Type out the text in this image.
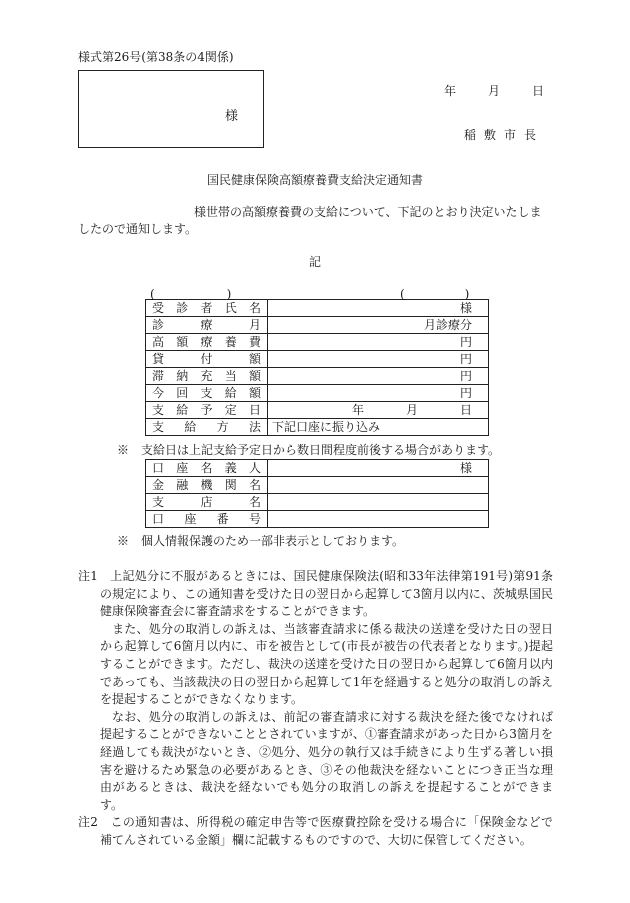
様式第26号(第38条の4関係)
様
年	月	日
稲敷市長
国民健康保険高額療養費支給決定通知書
様世帯の高額療養費の支給について、下記のとおり決定いたしましたので通知します。
記
(　　　　　　)	(　　　　　)
受診者氏名	様
診療月	月診療分
高額療養費	円
貸付額	円
滞納充当額	円
今回支給額	円
支給予定日	年 月 日
支給方法	下記口座に振り込み
※　支給日は上記支給予定日から数日間程度前後する場合があります。
口座名義人	様
金融機関名	
支店名	
口座番号	
※　個人情報保護のため一部非表示としております。

注1　上記処分に不服があるときには、国民健康保険法(昭和33年法律第191号)第91条の規定により、この通知書を受けた日の翌日から起算して3箇月以内に、茨城県国民健康保険審査会に審査請求をすることができます。

また、処分の取消しの訴えは、当該審査請求に係る裁決の送達を受けた日の翌日から起算して6箇月以内に、市を被告として(市長が被告の代表者となります。)提起することができます。ただし、裁決の送達を受けた日の翌日から起算して6箇月以内であっても、当該裁決の日の翌日から起算して1年を経過すると処分の取消しの訴えを提起することができなくなります。

なお、処分の取消しの訴えは、前記の審査請求に対する裁決を経た後でなければ提起することができないこととされていますが、①審査請求があった日から3箇月を経過しても裁決がないとき、②処分、処分の執行又は手続きにより生ずる著しい損害を避けるため緊急の必要があるとき、③その他裁決を経ないことにつき正当な理由があるときは、裁決を経ないでも処分の取消しの訴えを提起することができます。

注2　この通知書は、所得税の確定申告等で医療費控除を受ける場合に「保険金などで補てんされている金額」欄に記載するものですので、大切に保管してください。
